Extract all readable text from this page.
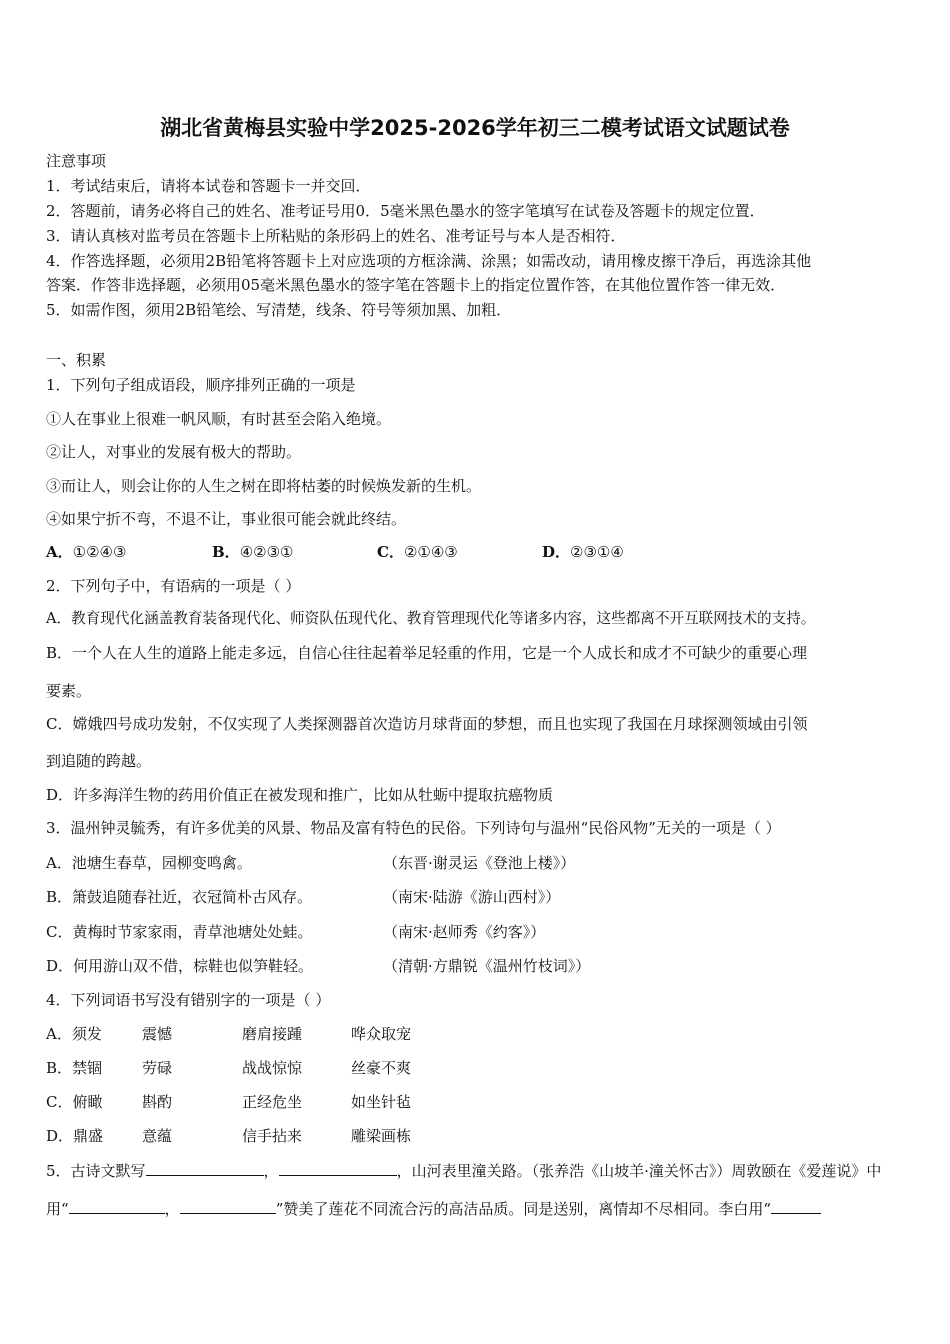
湖北省黄梅县实验中学2025-2026学年初三二模考试语文试题试卷
注意事项
1．考试结束后，请将本试卷和答题卡一并交回．
2．答题前，请务必将自己的姓名、准考证号用0．5毫米黑色墨水的签字笔填写在试卷及答题卡的规定位置．
3．请认真核对监考员在答题卡上所粘贴的条形码上的姓名、准考证号与本人是否相符．
4．作答选择题，必须用2B铅笔将答题卡上对应选项的方框涂满、涂黑；如需改动，请用橡皮擦干净后，再选涂其他
答案．作答非选择题，必须用05毫米黑色墨水的签字笔在答题卡上的指定位置作答，在其他位置作答一律无效．
5．如需作图，须用2B铅笔绘、写清楚，线条、符号等须加黑、加粗．
一、积累
1．下列句子组成语段，顺序排列正确的一项是
①人在事业上很难一帆风顺，有时甚至会陷入绝境。
②让人，对事业的发展有极大的帮助。
③而让人，则会让你的人生之树在即将枯萎的时候焕发新的生机。
④如果宁折不弯，不退不让，事业很可能会就此终结。
A．①②④③	B．④②③①	C．②①④③	D．②③①④
2．下列句子中，有语病的一项是（ ）
A．教育现代化涵盖教育装备现代化、师资队伍现代化、教育管理现代化等诸多内容，这些都离不开互联网技术的支持。
B．一个人在人生的道路上能走多远，自信心往往起着举足轻重的作用，它是一个人成长和成才不可缺少的重要心理
要素。
C．嫦娥四号成功发射，不仅实现了人类探测器首次造访月球背面的梦想，而且也实现了我国在月球探测领域由引领
到追随的跨越。
D．许多海洋生物的药用价值正在被发现和推广，比如从牡蛎中提取抗癌物质
3．温州钟灵毓秀，有许多优美的风景、物品及富有特色的民俗。下列诗句与温州“民俗风物”无关的一项是（ ）
A．池塘生春草，园柳变鸣禽。	（东晋·谢灵运《登池上楼》）
B．箫鼓追随春社近，衣冠简朴古风存。	（南宋·陆游《游山西村》）
C．黄梅时节家家雨，青草池塘处处蛙。	（南宋·赵师秀《约客》）
D．何用游山双不借，棕鞋也似笋鞋轻。	（清朝·方鼎锐《温州竹枝词》）
4．下列词语书写没有错别字的一项是（ ）
A．须发	震憾	磨肩接踵	哗众取宠
B．禁锢	劳碌	战战惊惊	丝豪不爽
C．俯瞰	斟酌	正经危坐	如坐针毡
D．鼎盛	意蕴	信手拈来	雕梁画栋
5．古诗文默写	，	，山河表里潼关路。（张养浩《山坡羊·潼关怀古》）周敦颐在《爱莲说》中
用“	，	”赞美了莲花不同流合污的高洁品质。同是送别，离情却不尽相同。李白用“
